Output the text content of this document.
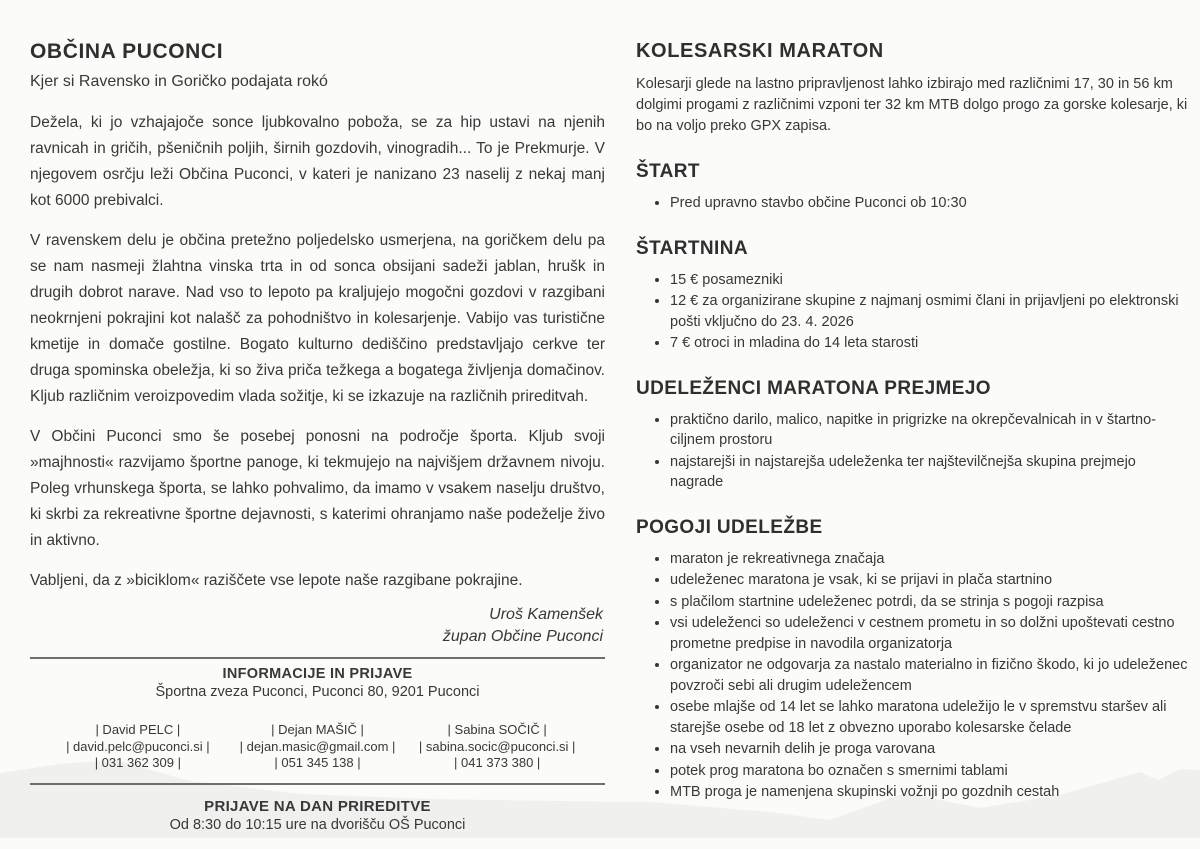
OBČINA PUCONCI

Kjer si Ravensko in Goričko podajata rokó

Dežela, ki jo vzhajajoče sonce ljubkovalno poboža, se za hip ustavi na njenih ravnicah in gričih, pšeničnih poljih, širnih gozdovih, vinogradih... To je Prekmurje. V njegovem osrčju leži Občina Puconci, v kateri je nanizano 23 naselij z nekaj manj kot 6000 prebivalci.

V ravenskem delu je občina pretežno poljedelsko usmerjena, na goričkem delu pa se nam nasmeji žlahtna vinska trta in od sonca obsijani sadeži jablan, hrušk in drugih dobrot narave. Nad vso to lepoto pa kraljujejo mogočni gozdovi v razgibani neokrnjeni pokrajini kot nalašč za pohodništvo in kolesarjenje. Vabijo vas turistične kmetije in domače gostilne. Bogato kulturno dediščino predstavljajo cerkve ter druga spominska obeležja, ki so živa priča težkega a bogatega življenja domačinov. Kljub različnim veroizpovedim vlada sožitje, ki se izkazuje na različnih prireditvah.

V Občini Puconci smo še posebej ponosni na področje športa. Kljub svoji »majhnosti« razvijamo športne panoge, ki tekmujejo na najvišjem državnem nivoju. Poleg vrhunskega športa, se lahko pohvalimo, da imamo v vsakem naselju društvo, ki skrbi za rekreativne športne dejavnosti, s katerimi ohranjamo naše podeželje živo in aktivno.

Vabljeni, da z »biciklom« raziščete vse lepote naše razgibane pokrajine.

Uroš Kamenšek
župan Občine Puconci
INFORMACIJE IN PRIJAVE
Športna zveza Puconci, Puconci 80, 9201 Puconci
| David PELC |
| david.pelc@puconci.si |
| 031 362 309 |
| Dejan MAŠIČ |
| dejan.masic@gmail.com |
| 051 345 138 |
| Sabina SOČIČ |
| sabina.socic@puconci.si |
| 041 373 380 |
PRIJAVE NA DAN PRIREDITVE
Od 8:30 do 10:15 ure na dvorišču OŠ Puconci
KOLESARSKI MARATON

Kolesarji glede na lastno pripravljenost lahko izbirajo med različnimi 17, 30 in 56 km dolgimi progami z različnimi vzponi ter 32 km MTB dolgo progo za gorske kolesarje, ki bo na voljo preko GPX zapisa.

ŠTART
• Pred upravno stavbo občine Puconci ob 10:30
ŠTARTNINA
• 15 € posamezniki
• 12 € za organizirane skupine z najmanj osmimi člani in prijavljeni po elektronski pošti vključno do 23. 4. 2026
• 7 € otroci in mladina do 14 leta starosti
UDELEŽENCI MARATONA PREJMEJO
• praktično darilo, malico, napitke in prigrizke na okrepčevalnicah in v štartno-ciljnem prostoru
• najstarejši in najstarejša udeleženka ter najštevilčnejša skupina prejmejo nagrade
POGOJI UDELEŽBE
• maraton je rekreativnega značaja
• udeleženec maratona je vsak, ki se prijavi in plača startnino
• s plačilom startnine udeleženec potrdi, da se strinja s pogoji razpisa
• vsi udeleženci so udeleženci v cestnem prometu in so dolžni upoštevati cestno prometne predpise in navodila organizatorja
• organizator ne odgovarja za nastalo materialno in fizično škodo, ki jo udeleženec povzroči sebi ali drugim udeležencem
• osebe mlajše od 14 let se lahko maratona udeležijo le v spremstvu staršev ali starejše osebe od 18 let z obvezno uporabo kolesarske čelade
• na vseh nevarnih delih je proga varovana
• potek prog maratona bo označen s smernimi tablami
• MTB proga je namenjena skupinski vožnji po gozdnih cestah
